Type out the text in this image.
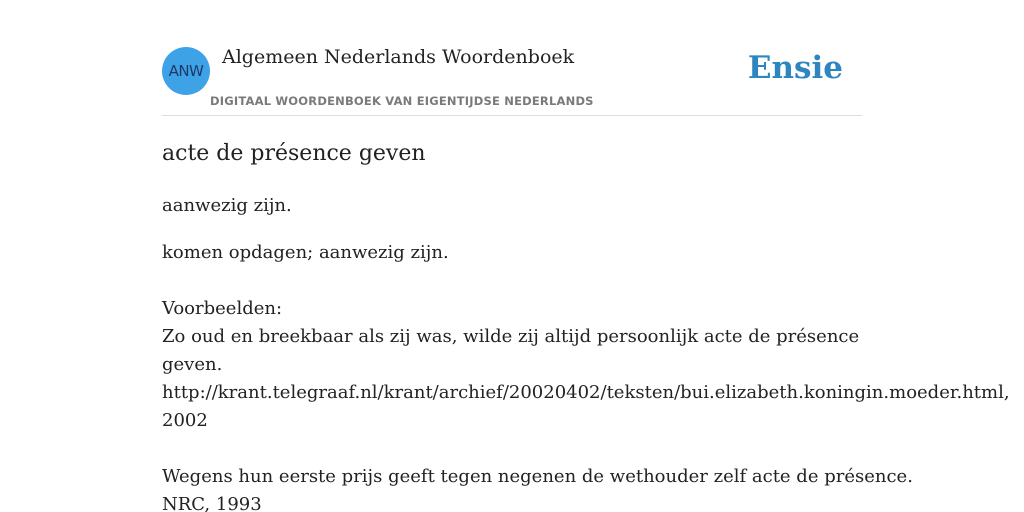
ANW
Algemeen Nederlands Woordenboek
DIGITAAL WOORDENBOEK VAN EIGENTIJDSE NEDERLANDS
Ensie
acte de présence geven
aanwezig zijn.
komen opdagen; aanwezig zijn.
Voorbeelden:
Zo oud en breekbaar als zij was, wilde zij altijd persoonlijk acte de présence
geven.
http://krant.telegraaf.nl/krant/archief/20020402/teksten/bui.elizabeth.koningin.moeder.html,
2002
Wegens hun eerste prijs geeft tegen negenen de wethouder zelf acte de présence.
NRC, 1993
